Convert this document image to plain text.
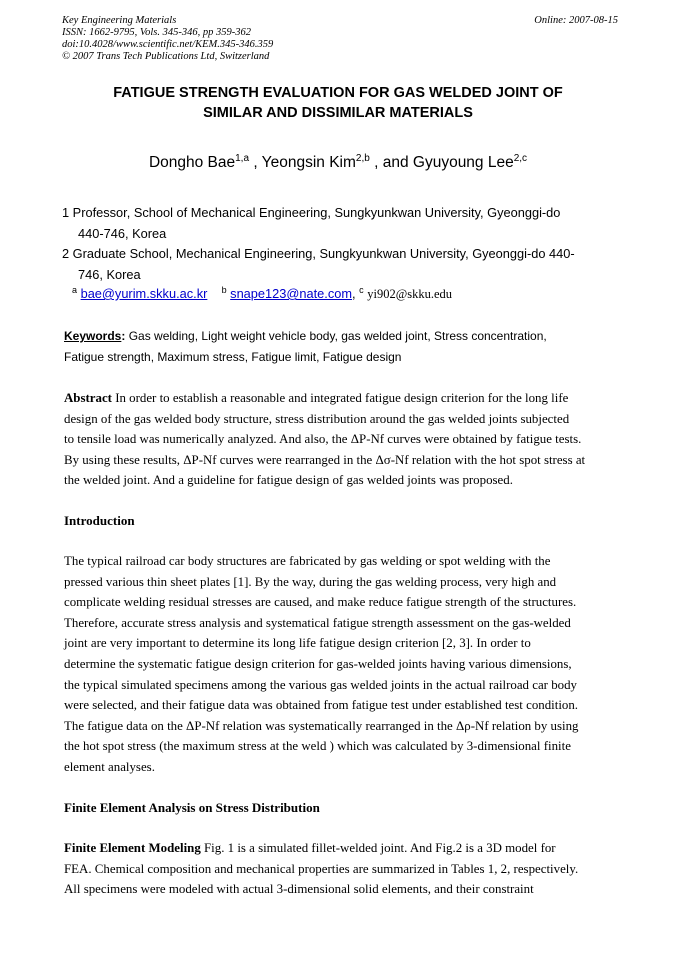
Key Engineering Materials
ISSN: 1662-9795, Vols. 345-346, pp 359-362
doi:10.4028/www.scientific.net/KEM.345-346.359
© 2007 Trans Tech Publications Ltd, Switzerland
Online: 2007-08-15
FATIGUE STRENGTH EVALUATION FOR GAS WELDED JOINT OF
SIMILAR AND DISSIMILAR MATERIALS
Dongho Bae$^{1,a}$ , Yeongsin Kim$^{2,b}$ , and Gyuyoung Lee$^{2,c}$
1 Professor, School of Mechanical Engineering, Sungkyunkwan University, Gyeonggi-do
440-746, Korea
2 Graduate School, Mechanical Engineering, Sungkyunkwan University, Gyeonggi-do 440-
746, Korea
$^a$ bae@yurim.skku.ac.kr $^b$ snape123@nate.com, $^c$ yi902@skku.edu
Keywords: Gas welding, Light weight vehicle body, gas welded joint, Stress concentration,
Fatigue strength, Maximum stress, Fatigue limit, Fatigue design
Abstract In order to establish a reasonable and integrated fatigue design criterion for the long life
design of the gas welded body structure, stress distribution around the gas welded joints subjected
to tensile load was numerically analyzed. And also, the ΔP-Nf curves were obtained by fatigue tests.
By using these results, ΔP-Nf curves were rearranged in the Δσ-Nf relation with the hot spot stress at
the welded joint. And a guideline for fatigue design of gas welded joints was proposed.
Introduction
The typical railroad car body structures are fabricated by gas welding or spot welding with the
pressed various thin sheet plates [1]. By the way, during the gas welding process, very high and
complicate welding residual stresses are caused, and make reduce fatigue strength of the structures.
Therefore, accurate stress analysis and systematical fatigue strength assessment on the gas-welded
joint are very important to determine its long life fatigue design criterion [2, 3]. In order to
determine the systematic fatigue design criterion for gas-welded joints having various dimensions,
the typical simulated specimens among the various gas welded joints in the actual railroad car body
were selected, and their fatigue data was obtained from fatigue test under established test condition.
The fatigue data on the ΔP-Nf relation was systematically rearranged in the Δρ-Nf relation by using
the hot spot stress (the maximum stress at the weld ) which was calculated by 3-dimensional finite
element analyses.
Finite Element Analysis on Stress Distribution
Finite Element Modeling Fig. 1 is a simulated fillet-welded joint. And Fig.2 is a 3D model for
FEA. Chemical composition and mechanical properties are summarized in Tables 1, 2, respectively.
All specimens were modeled with actual 3-dimensional solid elements, and their constraint
